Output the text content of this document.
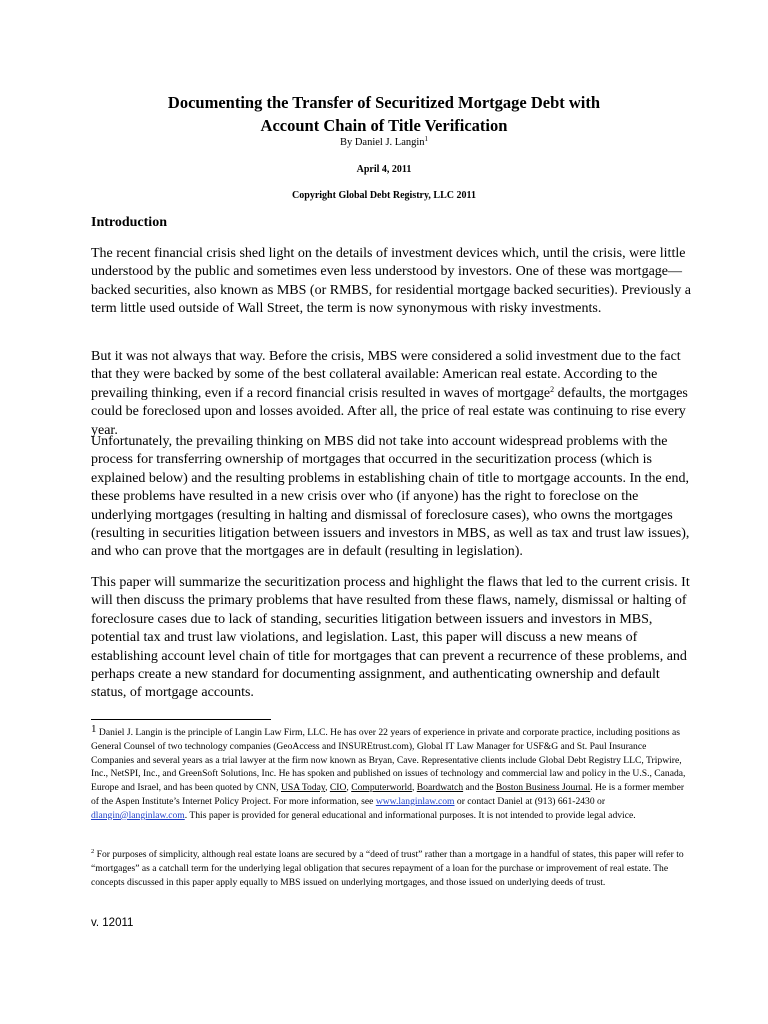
Documenting the Transfer of Securitized Mortgage Debt with
Account Chain of Title Verification
By Daniel J. Langin$^1$
April 4, 2011
Copyright Global Debt Registry, LLC 2011
Introduction
The recent financial crisis shed light on the details of investment devices which, until the crisis, were little understood by the public and sometimes even less understood by investors. One of these was mortgage—backed securities, also known as MBS (or RMBS, for residential mortgage backed securities). Previously a term little used outside of Wall Street, the term is now synonymous with risky investments.
But it was not always that way. Before the crisis, MBS were considered a solid investment due to the fact that they were backed by some of the best collateral available: American real estate. According to the prevailing thinking, even if a record financial crisis resulted in waves of mortgage$^2$ defaults, the mortgages could be foreclosed upon and losses avoided. After all, the price of real estate was continuing to rise every year.
Unfortunately, the prevailing thinking on MBS did not take into account widespread problems with the process for transferring ownership of mortgages that occurred in the securitization process (which is explained below) and the resulting problems in establishing chain of title to mortgage accounts. In the end, these problems have resulted in a new crisis over who (if anyone) has the right to foreclose on the underlying mortgages (resulting in halting and dismissal of foreclosure cases), who owns the mortgages (resulting in securities litigation between issuers and investors in MBS, as well as tax and trust law issues), and who can prove that the mortgages are in default (resulting in legislation).
This paper will summarize the securitization process and highlight the flaws that led to the current crisis. It will then discuss the primary problems that have resulted from these flaws, namely, dismissal or halting of foreclosure cases due to lack of standing, securities litigation between issuers and investors in MBS, potential tax and trust law violations, and legislation. Last, this paper will discuss a new means of establishing account level chain of title for mortgages that can prevent a recurrence of these problems, and perhaps create a new standard for documenting assignment, and authenticating ownership and default status, of mortgage accounts.
$^1$ Daniel J. Langin is the principle of Langin Law Firm, LLC. He has over 22 years of experience in private and corporate practice, including positions as General Counsel of two technology companies (GeoAccess and INSUREtrust.com), Global IT Law Manager for USF&G and St. Paul Insurance Companies and several years as a trial lawyer at the firm now known as Bryan, Cave. Representative clients include Global Debt Registry LLC, Tripwire, Inc., NetSPI, Inc., and GreenSoft Solutions, Inc. He has spoken and published on issues of technology and commercial law and policy in the U.S., Canada, Europe and Israel, and has been quoted by CNN, USA Today, CIO, Computerworld, Boardwatch and the Boston Business Journal. He is a former member of the Aspen Institute’s Internet Policy Project. For more information, see www.langinlaw.com or contact Daniel at (913) 661-2430 or dlangin@langinlaw.com. This paper is provided for general educational and informational purposes. It is not intended to provide legal advice.
$^2$ For purposes of simplicity, although real estate loans are secured by a “deed of trust” rather than a mortgage in a handful of states, this paper will refer to “mortgages” as a catchall term for the underlying legal obligation that secures repayment of a loan for the purchase or improvement of real estate. The concepts discussed in this paper apply equally to MBS issued on underlying mortgages, and those issued on underlying deeds of trust.
v. 12011
